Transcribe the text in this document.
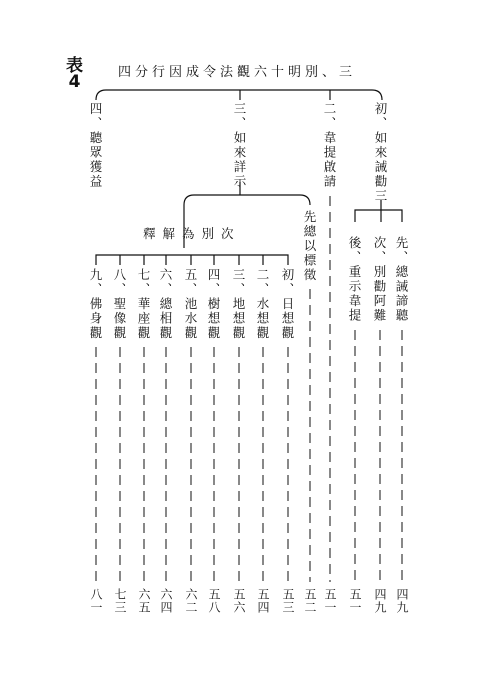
表
4	四分行因成令法觀六十明別、三
初、如來誡勸三
二、韋提啟請
五一
三、如來詳示
四、聽眾獲益
先、總誡諦聽
四九
次、別勸阿難
四九
後、重示韋提
五一
先總以標徵
五二
釋解為別次
初、日想觀
五三
二、水想觀
五四
三、地想觀
五六
四、樹想觀
五八
五、池水觀
六二
六、總相觀
六四
七、華座觀
六五
八、聖像觀
七三
九、佛身觀
八一
